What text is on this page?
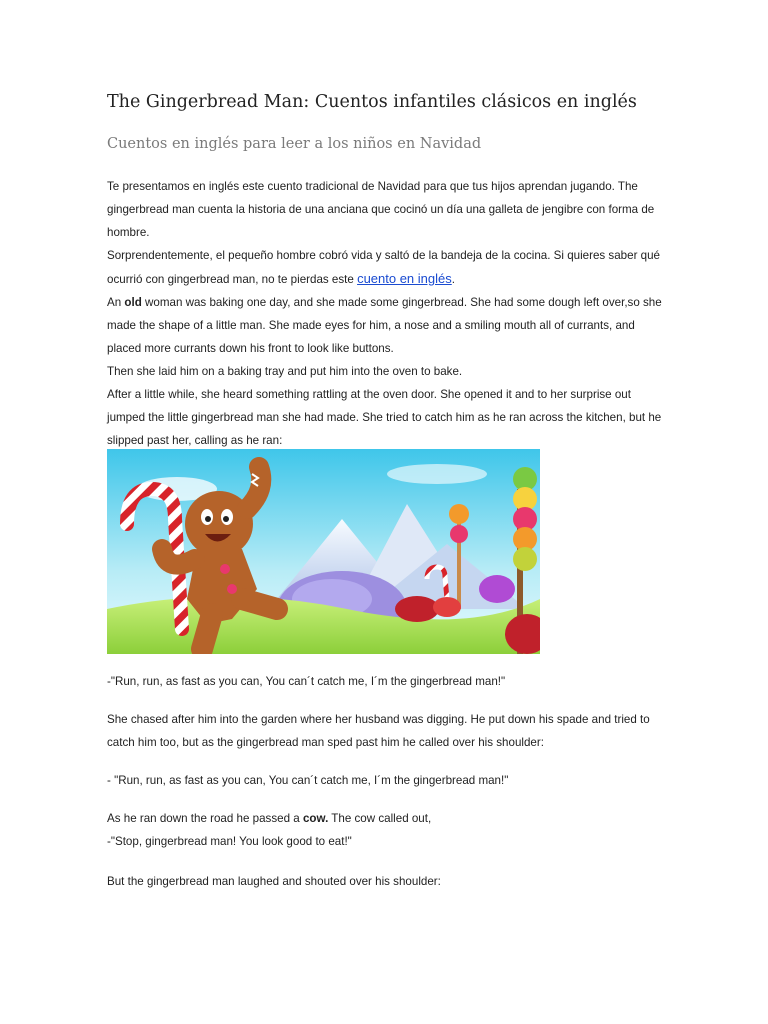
The Gingerbread Man: Cuentos infantiles clásicos en inglés
Cuentos en inglés para leer a los niños en Navidad

Te presentamos en inglés este cuento tradicional de Navidad para que tus hijos aprendan jugando. The gingerbread man cuenta la historia de una anciana que cocinó un día una galleta de jengibre con forma de hombre.

Sorprendentemente, el pequeño hombre cobró vida y saltó de la bandeja de la cocina. Si quieres saber qué ocurrió con gingerbread man, no te pierdas este cuento en inglés.

An old woman was baking one day, and she made some gingerbread. She had some dough left over,so she made the shape of a little man. She made eyes for him, a nose and a smiling mouth all of currants, and placed more currants down his front to look like buttons.

Then she laid him on a baking tray and put him into the oven to bake.

After a little while, she heard something rattling at the oven door. She opened it and to her surprise out jumped the little gingerbread man she had made. She tried to catch him as he ran across the kitchen, but he slipped past her, calling as he ran:

-"Run, run, as fast as you can, You can´t catch me, I´m the gingerbread man!"

She chased after him into the garden where her husband was digging. He put down his spade and tried to catch him too, but as the gingerbread man sped past him he called over his shoulder:

- "Run, run, as fast as you can, You can´t catch me, I´m the gingerbread man!"

As he ran down the road he passed a cow. The cow called out,

-"Stop, gingerbread man! You look good to eat!"

But the gingerbread man laughed and shouted over his shoulder:
